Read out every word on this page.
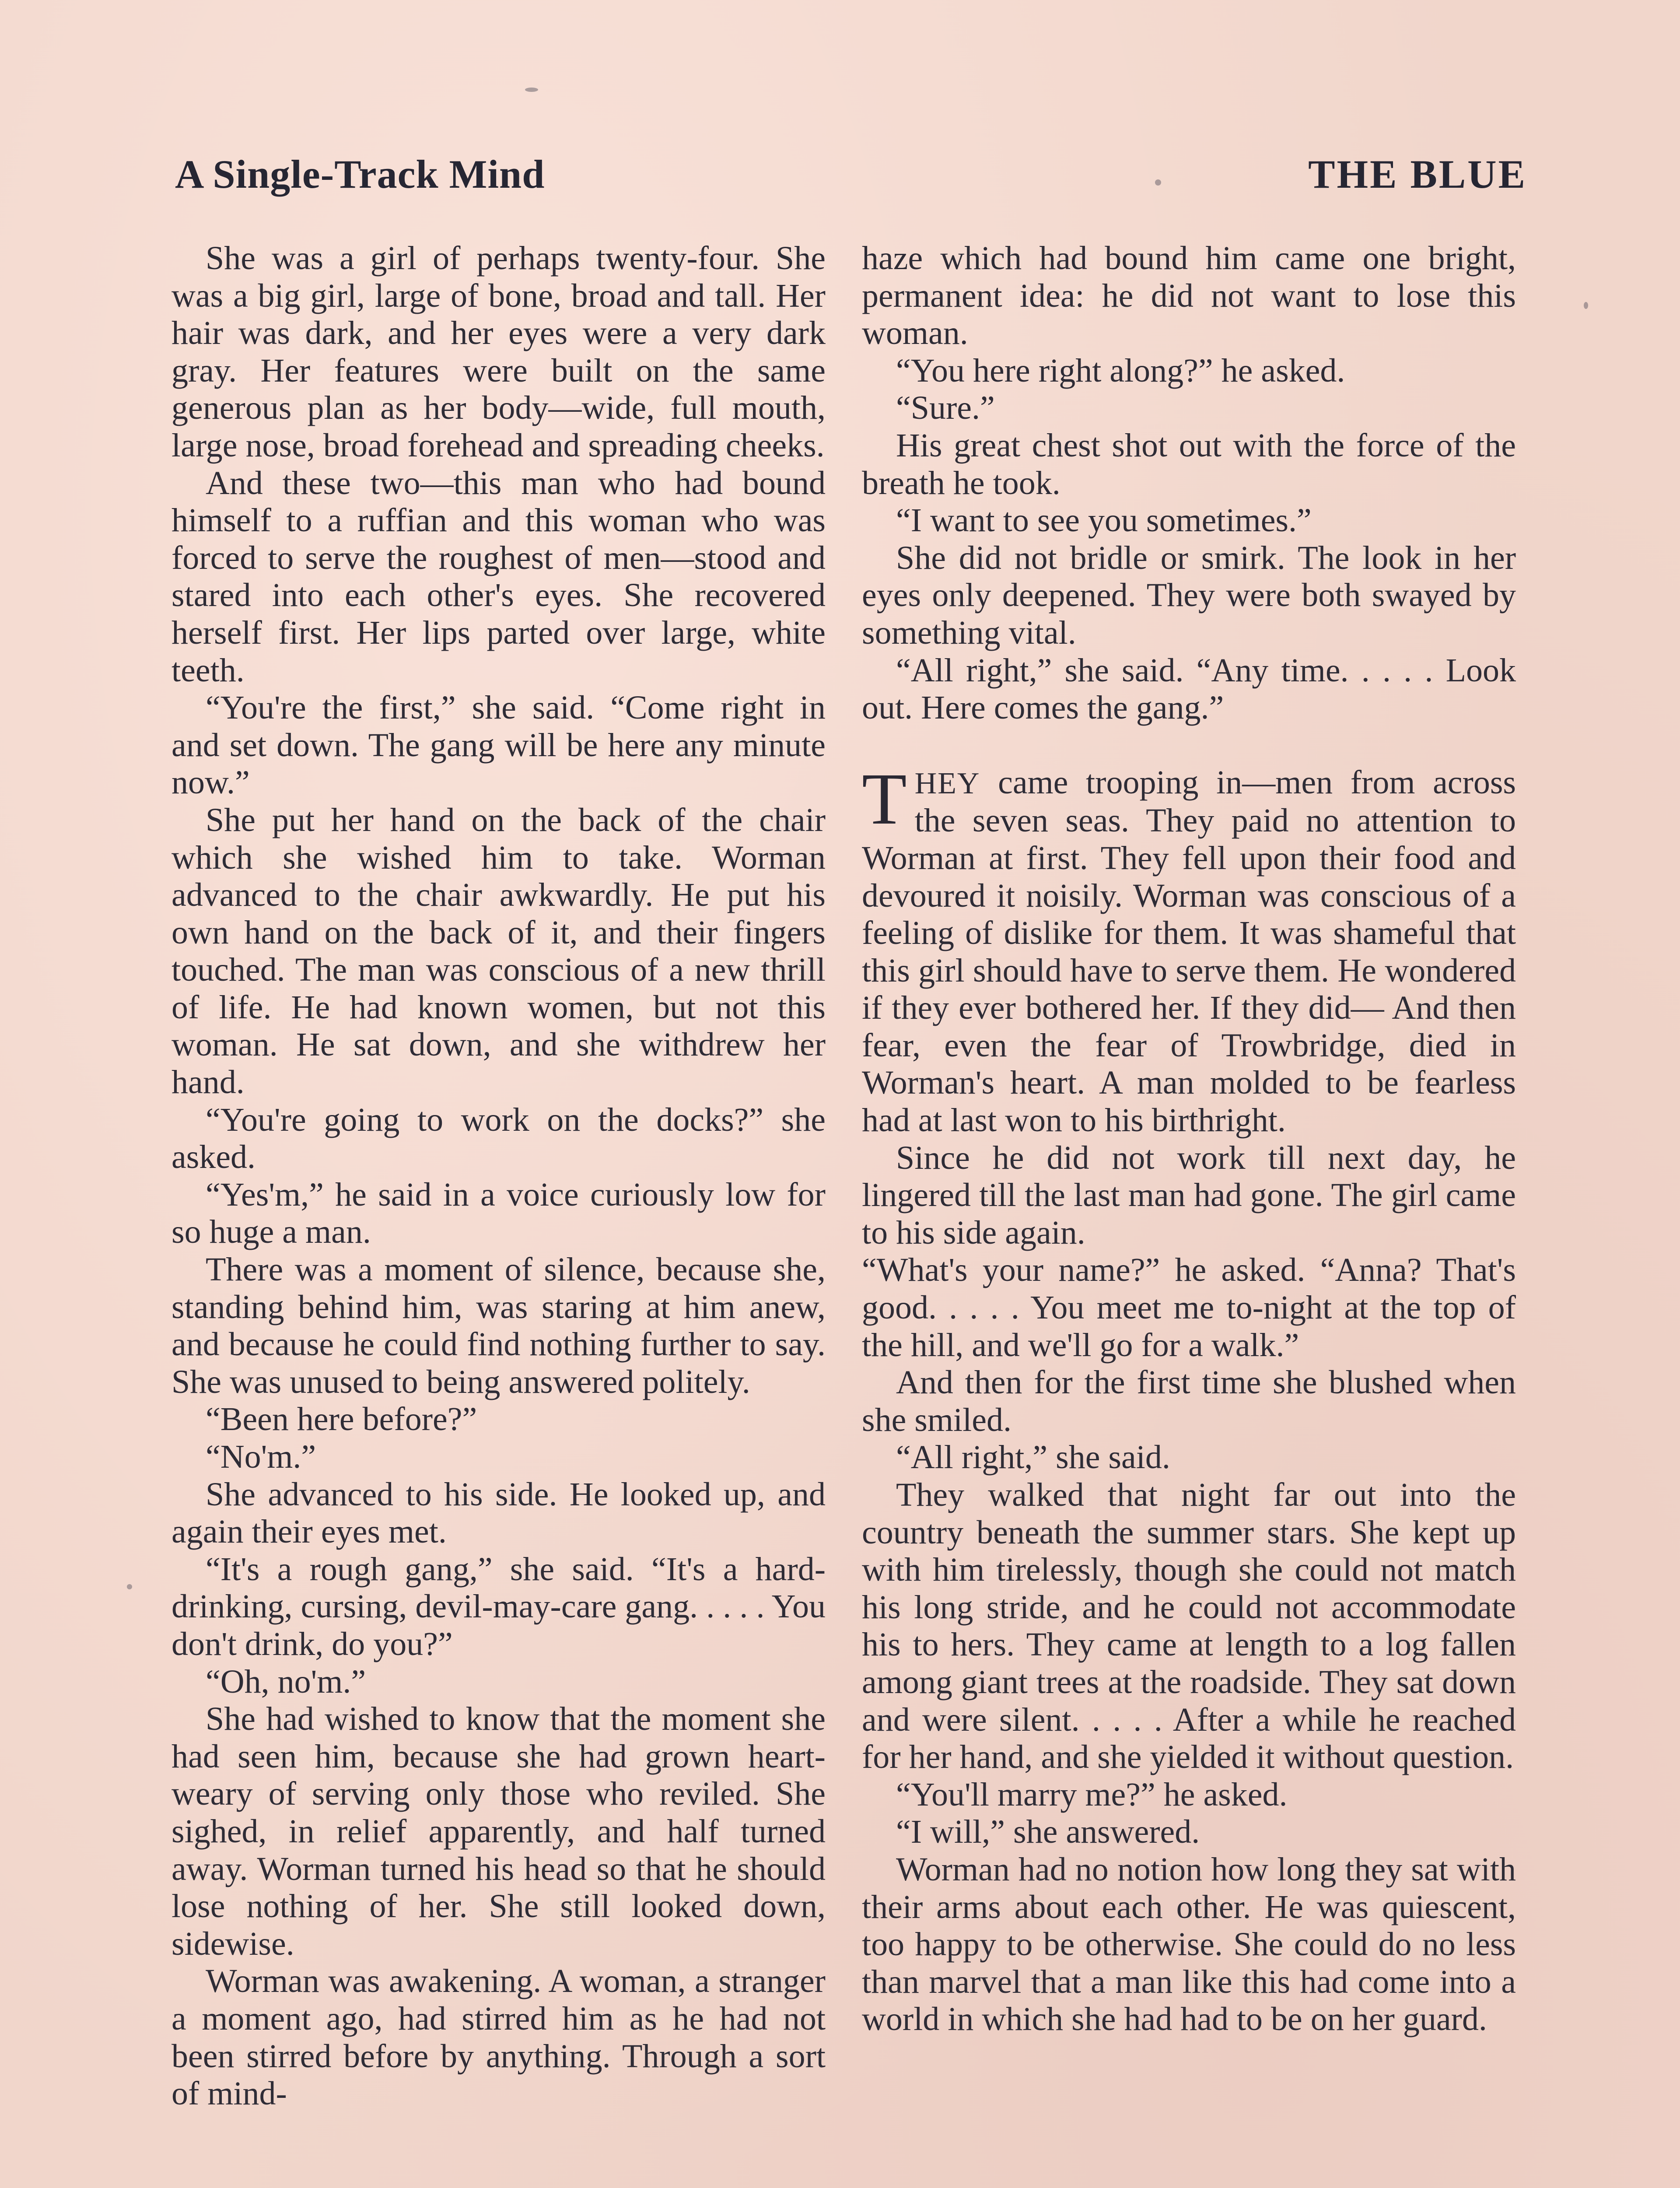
A Single-Track Mind	THE BLUE

She was a girl of perhaps twenty-four. She was a big girl, large of bone, broad and tall. Her hair was dark, and her eyes were a very dark gray. Her features were built on the same generous plan as her body—wide, full mouth, large nose, broad forehead and spreading cheeks.

And these two—this man who had bound himself to a ruffian and this woman who was forced to serve the roughest of men—stood and stared into each other's eyes. She recovered herself first. Her lips parted over large, white teeth.

“You're the first,” she said. “Come right in and set down. The gang will be here any minute now.”

She put her hand on the back of the chair which she wished him to take. Worman advanced to the chair awkwardly. He put his own hand on the back of it, and their fingers touched. The man was conscious of a new thrill of life. He had known women, but not this woman. He sat down, and she withdrew her hand.

“You're going to work on the docks?” she asked.

“Yes'm,” he said in a voice curiously low for so huge a man.

There was a moment of silence, because she, standing behind him, was staring at him anew, and because he could find nothing further to say. She was unused to being answered politely.

“Been here before?”

“No'm.”

She advanced to his side. He looked up, and again their eyes met.

“It's a rough gang,” she said. “It's a hard-drinking, cursing, devil-may-care gang. . . . . You don't drink, do you?”

“Oh, no'm.”

She had wished to know that the moment she had seen him, because she had grown heart-weary of serving only those who reviled. She sighed, in relief apparently, and half turned away. Worman turned his head so that he should lose nothing of her. She still looked down, sidewise.

Worman was awakening. A woman, a stranger a moment ago, had stirred him as he had not been stirred before by anything. Through a sort of mind-

haze which had bound him came one bright, permanent idea: he did not want to lose this woman.

“You here right along?” he asked.

“Sure.”

His great chest shot out with the force of the breath he took.

“I want to see you sometimes.”

She did not bridle or smirk. The look in her eyes only deepened. They were both swayed by something vital.

“All right,” she said. “Any time. . . . . Look out. Here comes the gang.”

THEY came trooping in—men from across the seven seas. They paid no attention to Worman at first. They fell upon their food and devoured it noisily. Worman was conscious of a feeling of dislike for them. It was shameful that this girl should have to serve them. He wondered if they ever bothered her. If they did— And then fear, even the fear of Trowbridge, died in Worman's heart. A man molded to be fearless had at last won to his birthright.

Since he did not work till next day, he lingered till the last man had gone. The girl came to his side again.

“What's your name?” he asked. “Anna? That's good. . . . . You meet me to-night at the top of the hill, and we'll go for a walk.”

And then for the first time she blushed when she smiled.

“All right,” she said.

They walked that night far out into the country beneath the summer stars. She kept up with him tirelessly, though she could not match his long stride, and he could not accommodate his to hers. They came at length to a log fallen among giant trees at the roadside. They sat down and were silent. . . . . After a while he reached for her hand, and she yielded it without question.

“You'll marry me?” he asked.

“I will,” she answered.

Worman had no notion how long they sat with their arms about each other. He was quiescent, too happy to be otherwise. She could do no less than marvel that a man like this had come into a world in which she had had to be on her guard.
